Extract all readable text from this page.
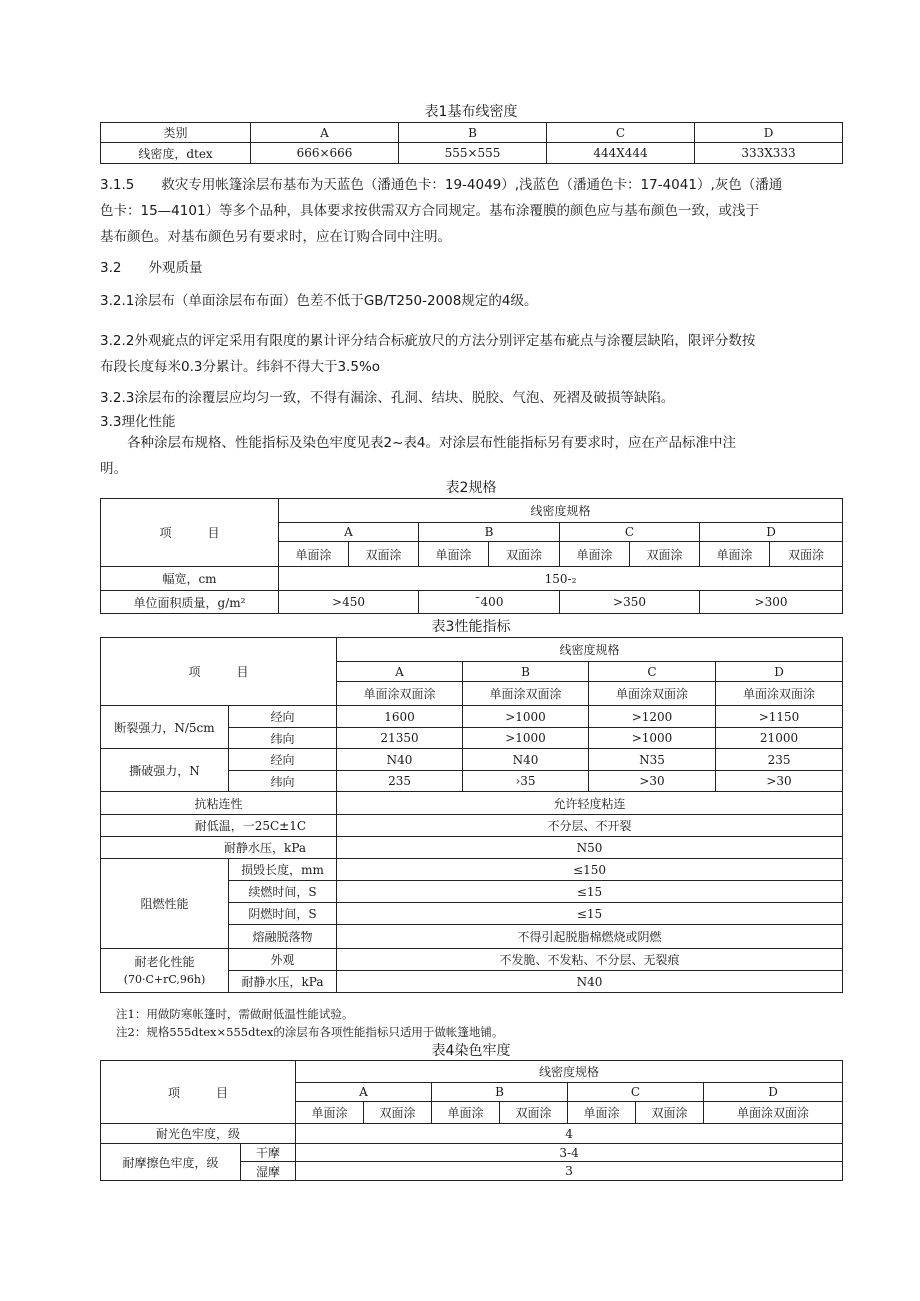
表1基布线密度
类别	A	B	C	D
线密度，dtex	666×666	555×555	444X444	333X333
3.1.5　　救灾专用帐篷涂层布基布为天蓝色（潘通色卡：19-4049）,浅蓝色（潘通色卡：17-4041）,灰色（潘通
色卡：15—4101）等多个品种，具体要求按供需双方合同规定。基布涂覆膜的颜色应与基布颜色一致，或浅于
基布颜色。对基布颜色另有要求时，应在订购合同中注明。
3.2　　外观质量
3.2.1涂层布（单面涂层布布面）色差不低于GB/T250-2008规定的4级。
3.2.2外观疵点的评定采用有限度的累计评分结合标疵放尺的方法分别评定基布疵点与涂覆层缺陷，限评分数按
布段长度每米0.3分累计。纬斜不得大于3.5%o
3.2.3涂层布的涂覆层应均匀一致，不得有漏涂、孔洞、结块、脱胶、气泡、死褶及破损等缺陷。
3.3理化性能
各种涂层布规格、性能指标及染色牢度见表2~表4。对涂层布性能指标另有要求时，应在产品标准中注
明。
表2规格
项　　　目	线密度规格							
	A		B		C		D	
	单面涂	双面涂	单面涂	双面涂	单面涂	双面涂	单面涂	双面涂
幅宽，cm	150-₂							
单位面积质量，g/m²	>450		ˉ400		>350		>300	
表3性能指标
项　　　目		线密度规格			
		A	B	C	D
		单面涂双面涂	单面涂双面涂	单面涂双面涂	单面涂双面涂
断裂强力，N/5cm	经向	1600	>1000	>1200	>1150
	纬向	21350	>1000	>1000	21000
撕破强力，N	经向	N40	N40	N35	235
	纬向	235	›35	>30	>30
抗粘连性		允许轻度粘连			
耐低温，一25C±1C		不分层、不开裂			
耐静水压，kPa		N50			
阻燃性能	损毁长度，mm	≤150			
	续燃时间，S	≤15			
	阴燃时间，S	≤15			
	熔融脱落物	不得引起脱脂棉燃烧或阴燃			

耐老化性能
(70·C+rC,96h)	外观	不发脆、不发粘、不分层、无裂痕			
	耐静水压，kPa	N40			
注1：用做防寒帐篷时，需做耐低温性能试验。
注2：规格555dtex×555dtex的涂层布各项性能指标只适用于做帐篷地铺。
表4染色牢度
项　　　目		线密度规格						
		A		B		C		D
		单面涂	双面涂	单面涂	双面涂	单面涂	双面涂	单面涂双面涂
耐光色牢度，级		4						
耐摩擦色牢度，级	干摩	3-4						
	湿摩	3						
